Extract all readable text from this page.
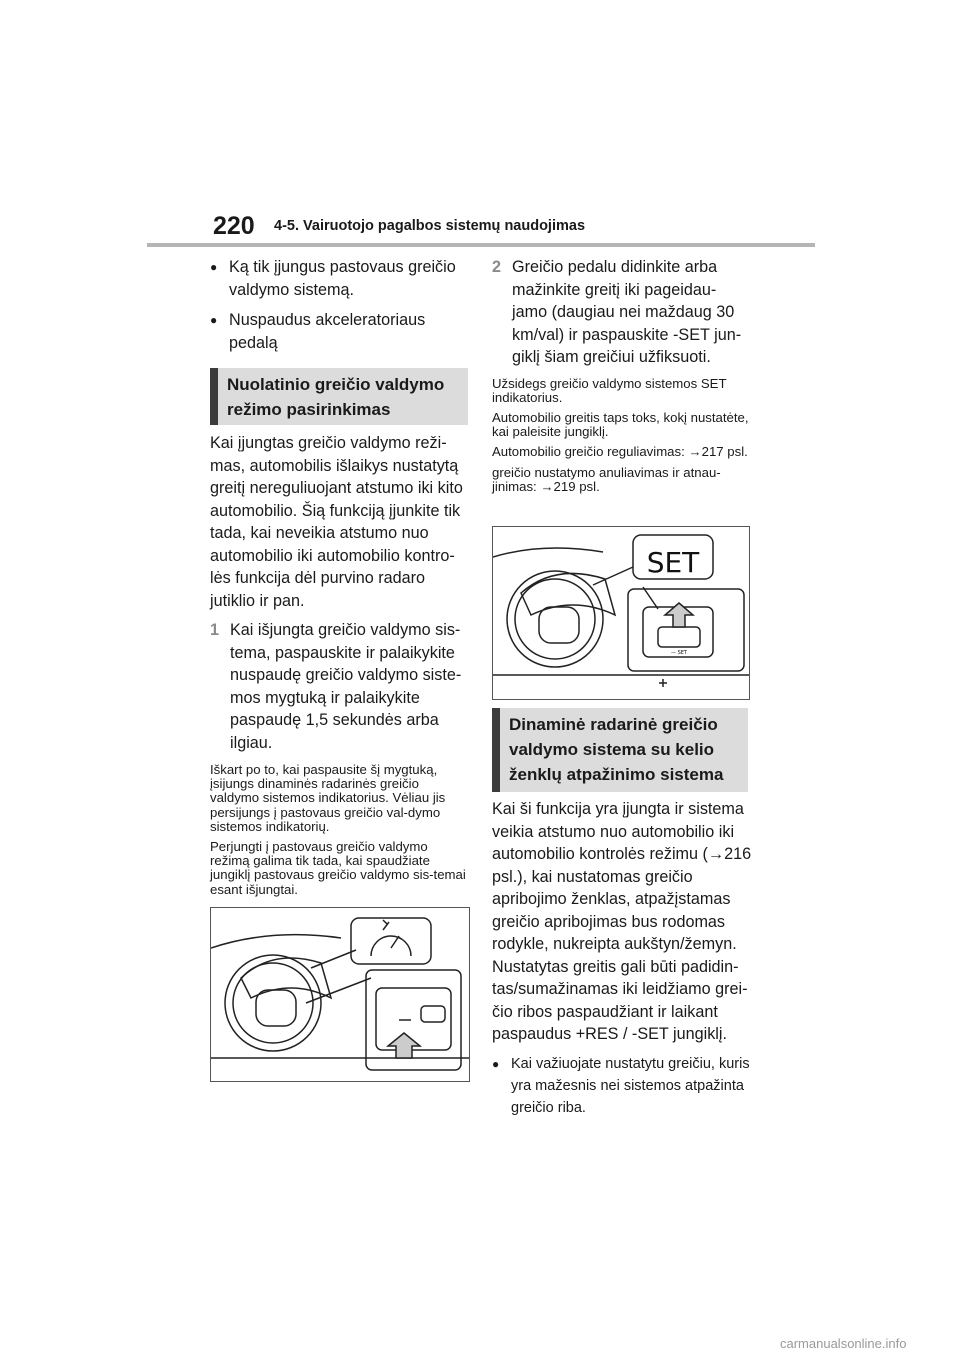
220 4-5. Vairuotojo pagalbos sistemų naudojimas
● Ką tik įjungus pastovaus greičio valdymo sistemą.
● Nuspaudus akceleratoriaus pedalą
Nuolatinio greičio valdymo režimo pasirinkimas
Kai įjungtas greičio valdymo reži-mas, automobilis išlaikys nustatytą greitį nereguliuojant atstumo iki kito automobilio. Šią funkciją įjunkite tik tada, kai neveikia atstumo nuo automobilio iki automobilio kontro-lės funkcija dėl purvino radaro jutiklio ir pan.
1 Kai išjungta greičio valdymo sis-tema, paspauskite ir palaikykite nuspaudę greičio valdymo siste-mos mygtuką ir palaikykite paspaudę 1,5 sekundės arba ilgiau.
Iškart po to, kai paspausite šį mygtuką, įsijungs dinaminės radarinės greičio valdymo sistemos indikatorius. Vėliau jis persijungs į pastovaus greičio val-dymo sistemos indikatorių.
Perjungti į pastovaus greičio valdymo režimą galima tik tada, kai spaudžiate jungiklį pastovaus greičio valdymo sis-temai esant išjungtai.
2 Greičio pedalu didinkite arba mažinkite greitį iki pageidau-jamo (daugiau nei maždaug 30 km/val) ir paspauskite -SET jun-giklį šiam greičiui užfiksuoti.
Užsidegs greičio valdymo sistemos SET indikatorius.
Automobilio greitis taps toks, kokį nustatėte, kai paleisite jungiklį.
Automobilio greičio reguliavimas: →217 psl.
greičio nustatymo anuliavimas ir atnau-jinimas: →219 psl.
SET
— SET
Dinaminė radarinė greičio valdymo sistema su kelio ženklų atpažinimo sistema
Kai ši funkcija yra įjungta ir sistema veikia atstumo nuo automobilio iki automobilio kontrolės režimu (→216 psl.), kai nustatomas greičio apribojimo ženklas, atpažįstamas greičio apribojimas bus rodomas rodykle, nukreipta aukštyn/žemyn. Nustatytas greitis gali būti padidin-tas/sumažinamas iki leidžiamo grei-čio ribos paspaudžiant ir laikant paspaudus +RES / -SET jungiklį.
● Kai važiuojate nustatytu greičiu, kuris yra mažesnis nei sistemos atpažinta greičio riba.
carmanualsonline.info
